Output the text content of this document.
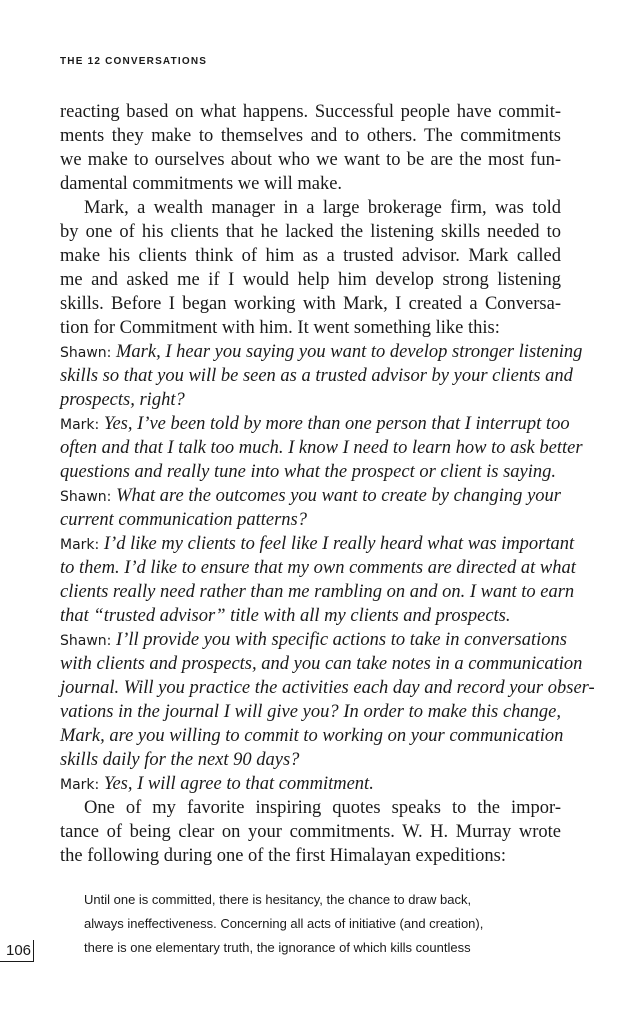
THE 12 CONVERSATIONS
reacting based on what happens. Successful people have commit-
ments they make to themselves and to others. The commitments
we make to ourselves about who we want to be are the most fun-
damental commitments we will make.
Mark, a wealth manager in a large brokerage firm, was told
by one of his clients that he lacked the listening skills needed to
make his clients think of him as a trusted advisor. Mark called
me and asked me if I would help him develop strong listening
skills. Before I began working with Mark, I created a Conversa-
tion for Commitment with him. It went something like this:
Shawn: Mark, I hear you saying you want to develop stronger listening
skills so that you will be seen as a trusted advisor by your clients and
prospects, right?
Mark: Yes, I’ve been told by more than one person that I interrupt too
often and that I talk too much. I know I need to learn how to ask better
questions and really tune into what the prospect or client is saying.
Shawn: What are the outcomes you want to create by changing your
current communication patterns?
Mark: I’d like my clients to feel like I really heard what was important
to them. I’d like to ensure that my own comments are directed at what
clients really need rather than me rambling on and on. I want to earn
that “trusted advisor” title with all my clients and prospects.
Shawn: I’ll provide you with specific actions to take in conversations
with clients and prospects, and you can take notes in a communication
journal. Will you practice the activities each day and record your obser-
vations in the journal I will give you? In order to make this change,
Mark, are you willing to commit to working on your communication
skills daily for the next 90 days?
Mark: Yes, I will agree to that commitment.
One of my favorite inspiring quotes speaks to the impor-
tance of being clear on your commitments. W. H. Murray wrote
the following during one of the first Himalayan expeditions:
Until one is committed, there is hesitancy, the chance to draw back,
always ineffectiveness. Concerning all acts of initiative (and creation),
there is one elementary truth, the ignorance of which kills countless
106
